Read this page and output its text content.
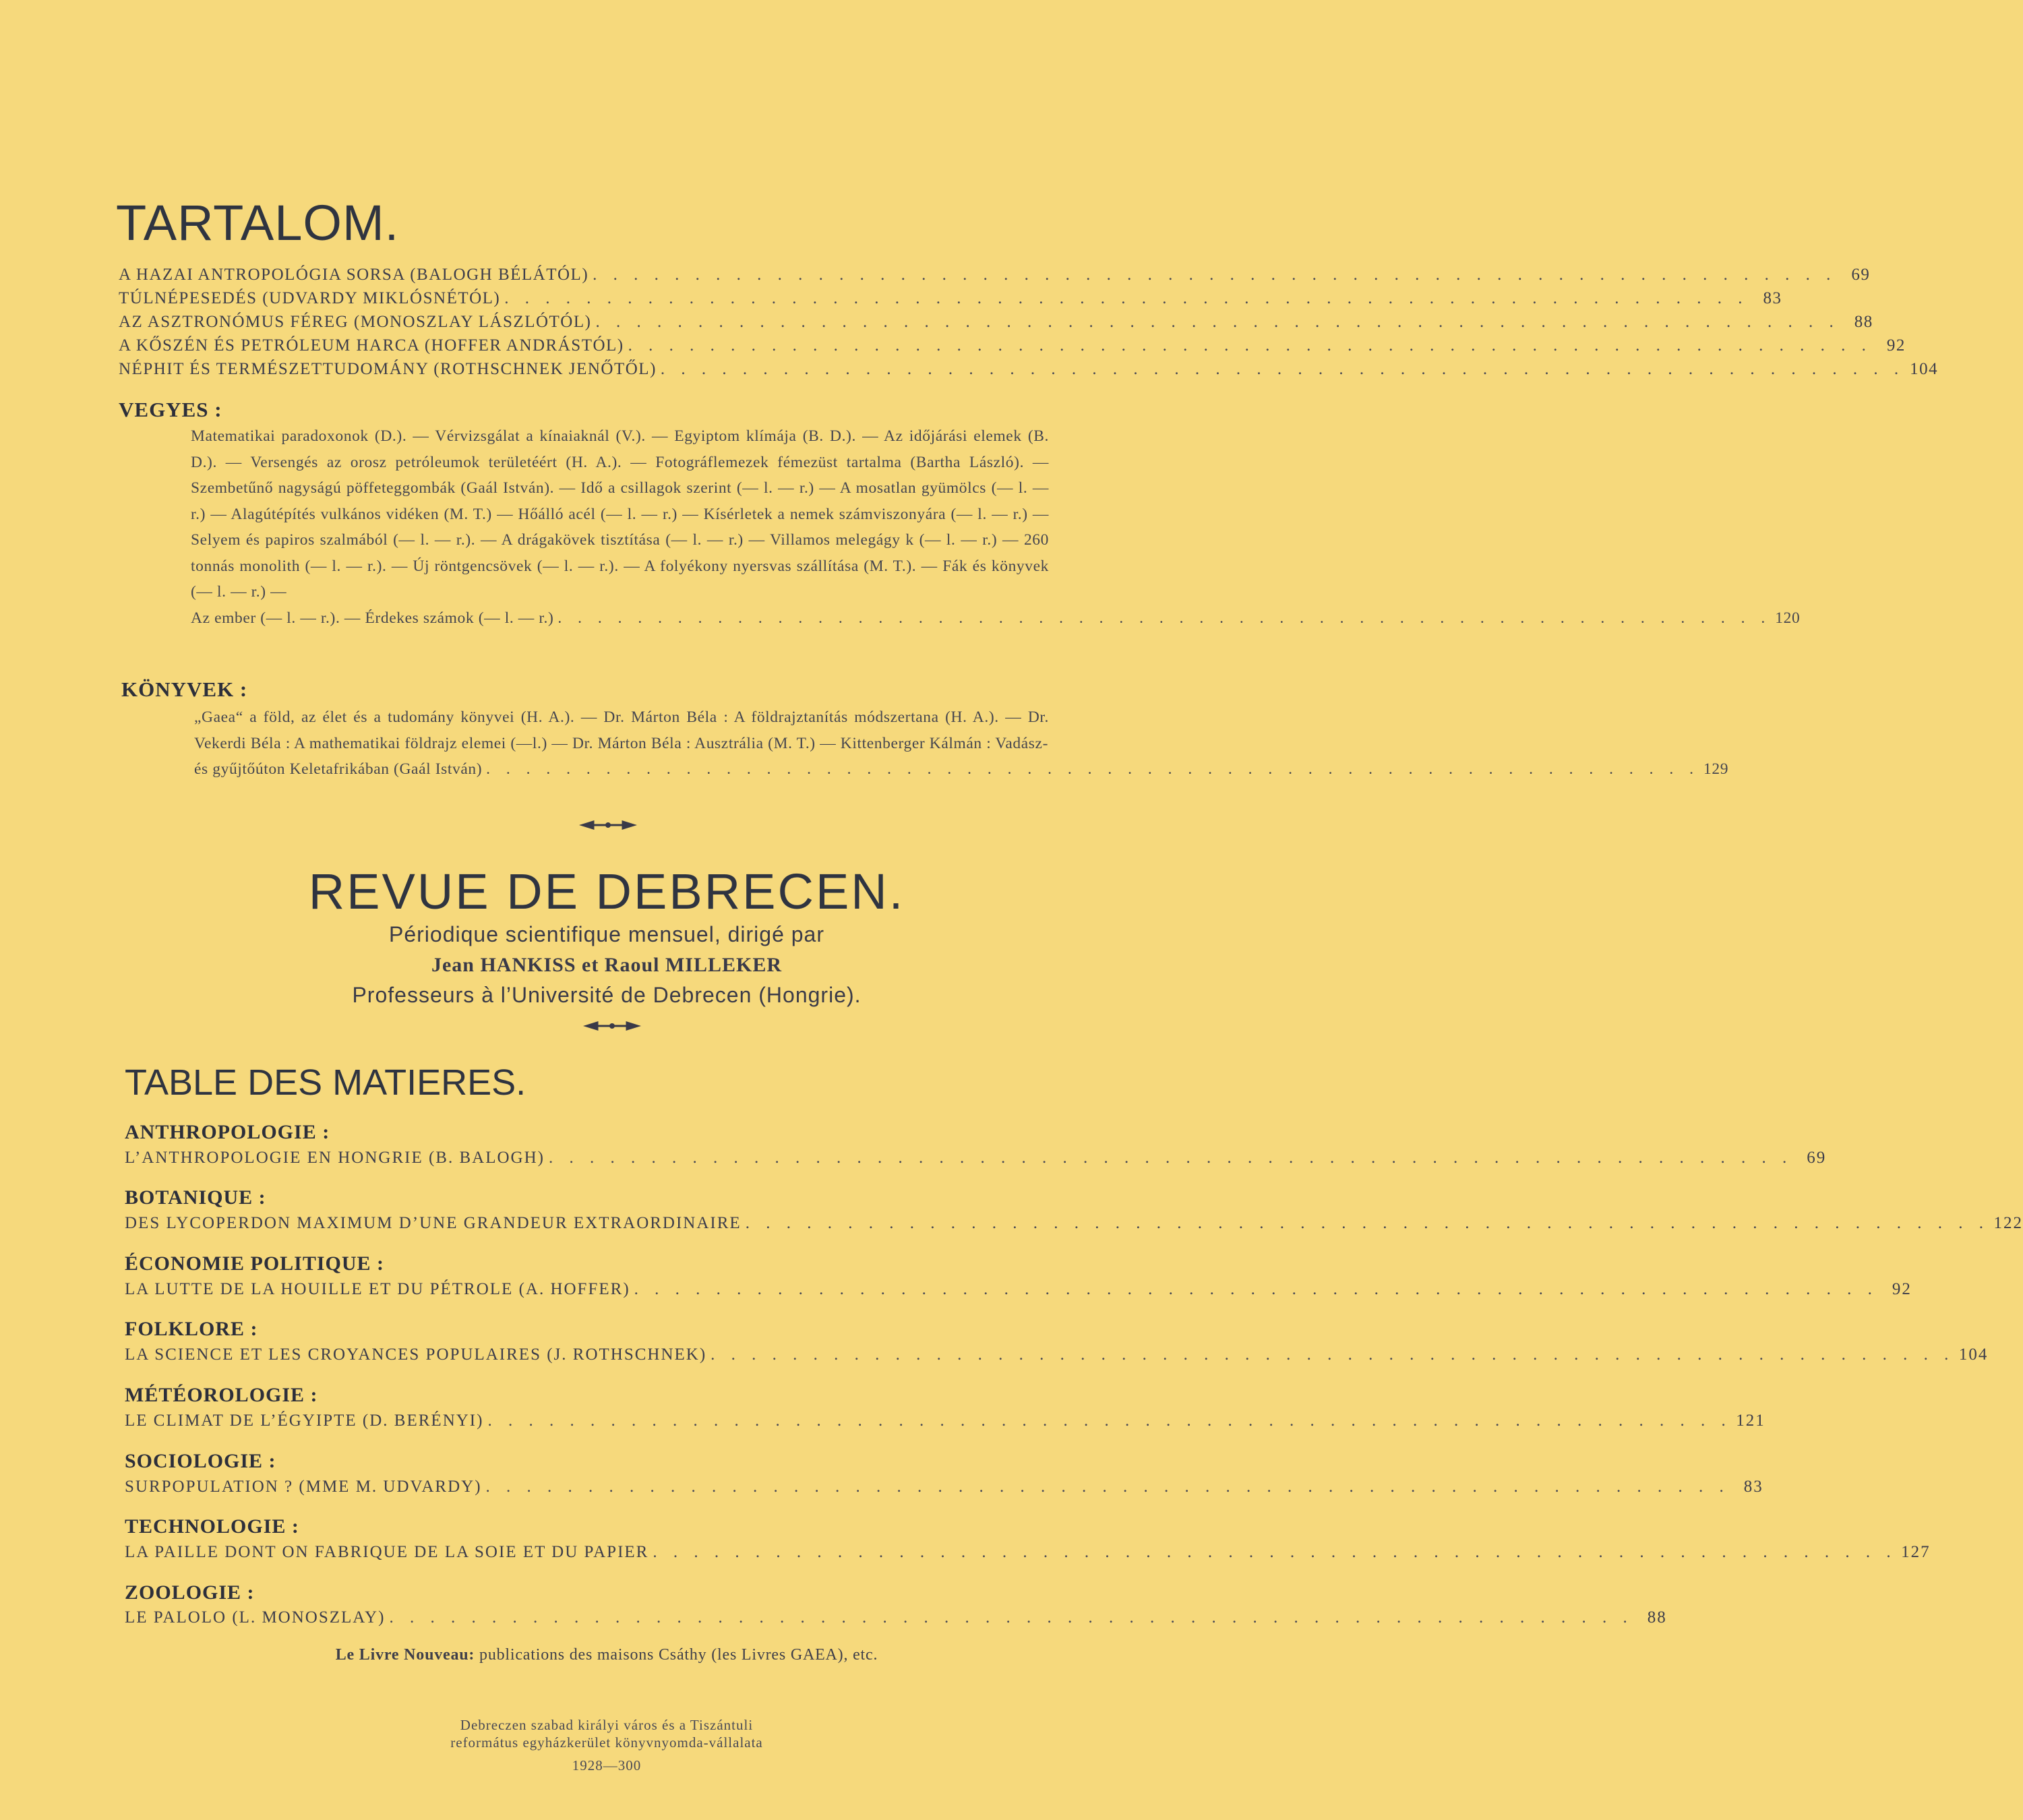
TARTALOM.
A HAZAI ANTROPOLÓGIA SORSA (BALOGH BÉLÁTÓL) . . . . . . . . . . . . . . . . . . . . . . . . . . . . . . . . . . . . . . . . . . . . . . . . . . . . . . . . . . . . . 69
TÚLNÉPESEDÉS (UDVARDY MIKLÓSNÉTÓL) . . . . . . . . . . . . . . . . . . . . . . . . . . . . . . . . . . . . . . . . . . . . . . . . . . . . . . . . . . . . . 83
AZ ASZTRONÓMUS FÉREG (MONOSZLAY LÁSZLÓTÓL) . . . . . . . . . . . . . . . . . . . . . . . . . . . . . . . . . . . . . . . . . . . . . . . . . . . . . . . . . . . . . 88
A KŐSZÉN ÉS PETRÓLEUM HARCA (HOFFER ANDRÁSTÓL) . . . . . . . . . . . . . . . . . . . . . . . . . . . . . . . . . . . . . . . . . . . . . . . . . . . . . . . . . . . . . 92
NÉPHIT ÉS TERMÉSZETTUDOMÁNY (ROTHSCHNEK JENŐTŐL) . . . . . . . . . . . . . . . . . . . . . . . . . . . . . . . . . . . . . . . . . . . . . . . . . . . . . . . . . . . . . 104
VEGYES :
Matematikai paradoxonok (D.). — Vérvizsgálat a kínaiaknál (V.). — Egyiptom klímája (B. D.). — Az időjárási elemek (B. D.). — Versengés az orosz petróleumok területéért (H. A.). — Fotográflemezek fémezüst tartalma (Bartha László). — Szembetűnő nagyságú pöffeteggombák (Gaál István). — Idő a csillagok szerint (— l. — r.) — A mosatlan gyümölcs (— l. — r.) — Alagútépítés vulkános vidéken (M. T.) — Hőálló acél (— l. — r.) — Kísérletek a nemek számviszonyára (— l. — r.) — Selyem és papiros szalmából (— l. — r.). — A drágakövek tisztítása (— l. — r.) — Villamos melegágy k (— l. — r.) — 260 tonnás monolith (— l. — r.). — Új röntgencsövek (— l. — r.). — A folyékony nyersvas szállítása (M. T.). — Fák és könyvek (— l. — r.) —
Az ember (— l. — r.). — Érdekes számok (— l. — r.) . . . . . . . . . . . . . . . . . . . . . . . . . . . . . . . . . . . . . . . . . . . . . . . . . . . . . . . . . . . . . 120
KÖNYVEK :
„Gaea“ a föld, az élet és a tudomány könyvei (H. A.). — Dr. Márton Béla : A földrajztanítás módszertana (H. A.). — Dr. Vekerdi Béla : A mathematikai földrajz elemei (—l.) — Dr. Márton Béla : Ausztrália (M. T.) — Kittenberger Kálmán : Vadász-
és gyűjtőúton Keletafrikában (Gaál István) . . . . . . . . . . . . . . . . . . . . . . . . . . . . . . . . . . . . . . . . . . . . . . . . . . . . . . . . . . . . . 129
REVUE DE DEBRECEN.
Périodique scientifique mensuel, dirigé par
Jean HANKISS et Raoul MILLEKER
Professeurs à l’Université de Debrecen (Hongrie).
TABLE DES MATIERES.
ANTHROPOLOGIE :
L’ANTHROPOLOGIE EN HONGRIE (B. BALOGH) . . . . . . . . . . . . . . . . . . . . . . . . . . . . . . . . . . . . . . . . . . . . . . . . . . . . . . . . . . . . . 69
BOTANIQUE :
DES LYCOPERDON MAXIMUM D’UNE GRANDEUR EXTRAORDINAIRE . . . . . . . . . . . . . . . . . . . . . . . . . . . . . . . . . . . . . . . . . . . . . . . . . . . . . . . . . . . . . 122
ÉCONOMIE POLITIQUE :
LA LUTTE DE LA HOUILLE ET DU PÉTROLE (A. HOFFER) . . . . . . . . . . . . . . . . . . . . . . . . . . . . . . . . . . . . . . . . . . . . . . . . . . . . . . . . . . . . . 92
FOLKLORE :
LA SCIENCE ET LES CROYANCES POPULAIRES (J. ROTHSCHNEK) . . . . . . . . . . . . . . . . . . . . . . . . . . . . . . . . . . . . . . . . . . . . . . . . . . . . . . . . . . . . . 104
MÉTÉOROLOGIE :
LE CLIMAT DE L’ÉGYIPTE (D. BERÉNYI) . . . . . . . . . . . . . . . . . . . . . . . . . . . . . . . . . . . . . . . . . . . . . . . . . . . . . . . . . . . . . 121
SOCIOLOGIE :
SURPOPULATION ? (MME M. UDVARDY) . . . . . . . . . . . . . . . . . . . . . . . . . . . . . . . . . . . . . . . . . . . . . . . . . . . . . . . . . . . . . 83
TECHNOLOGIE :
LA PAILLE DONT ON FABRIQUE DE LA SOIE ET DU PAPIER . . . . . . . . . . . . . . . . . . . . . . . . . . . . . . . . . . . . . . . . . . . . . . . . . . . . . . . . . . . . . 127
ZOOLOGIE :
LE PALOLO (L. MONOSZLAY) . . . . . . . . . . . . . . . . . . . . . . . . . . . . . . . . . . . . . . . . . . . . . . . . . . . . . . . . . . . . . 88
Le Livre Nouveau: publications des maisons Csáthy (les Livres GAEA), etc.
Debreczen szabad királyi város és a Tiszántuli
református egyházkerület könyvnyomda-vállalata
1928—300
